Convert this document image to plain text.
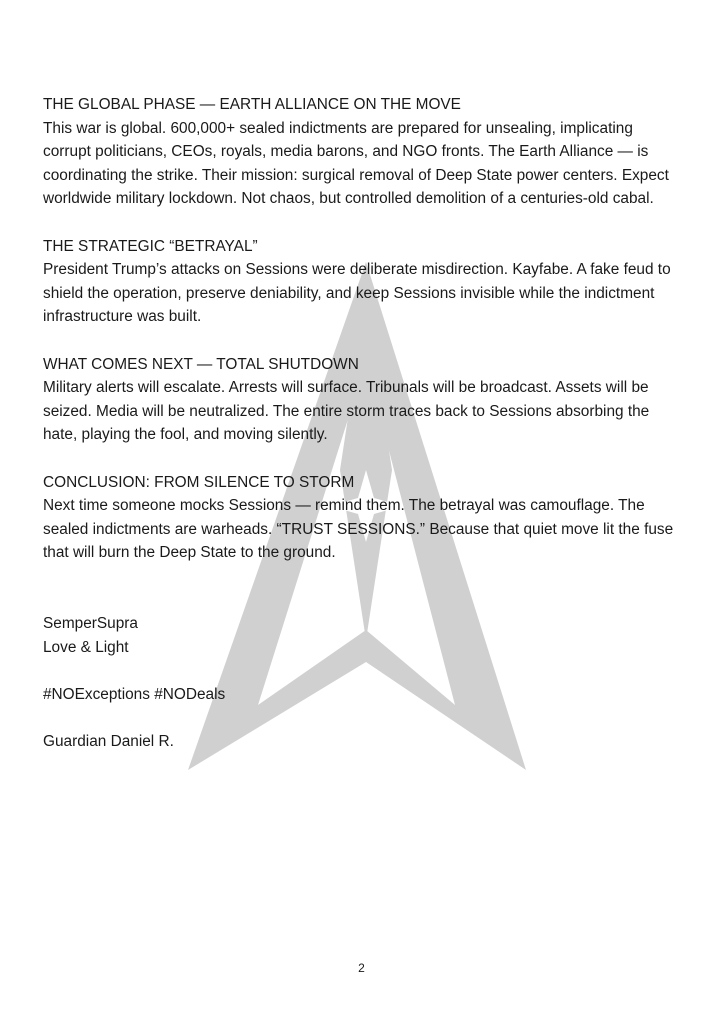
THE GLOBAL PHASE — EARTH ALLIANCE ON THE MOVE
This war is global. 600,000+ sealed indictments are prepared for unsealing, implicating corrupt politicians, CEOs, royals, media barons, and NGO fronts. The Earth Alliance — is coordinating the strike. Their mission: surgical removal of Deep State power centers. Expect worldwide military lockdown. Not chaos, but controlled demolition of a centuries-old cabal.
THE STRATEGIC “BETRAYAL”
President Trump’s attacks on Sessions were deliberate misdirection. Kayfabe. A fake feud to shield the operation, preserve deniability, and keep Sessions invisible while the indictment infrastructure was built.
WHAT COMES NEXT — TOTAL SHUTDOWN
Military alerts will escalate. Arrests will surface. Tribunals will be broadcast. Assets will be seized. Media will be neutralized. The entire storm traces back to Sessions absorbing the hate, playing the fool, and moving silently.
CONCLUSION: FROM SILENCE TO STORM
Next time someone mocks Sessions — remind them. The betrayal was camouflage. The sealed indictments are warheads. “TRUST SESSIONS.” Because that quiet move lit the fuse that will burn the Deep State to the ground.
SemperSupra
Love & Light
#NOExceptions #NODeals
Guardian Daniel R.
2
